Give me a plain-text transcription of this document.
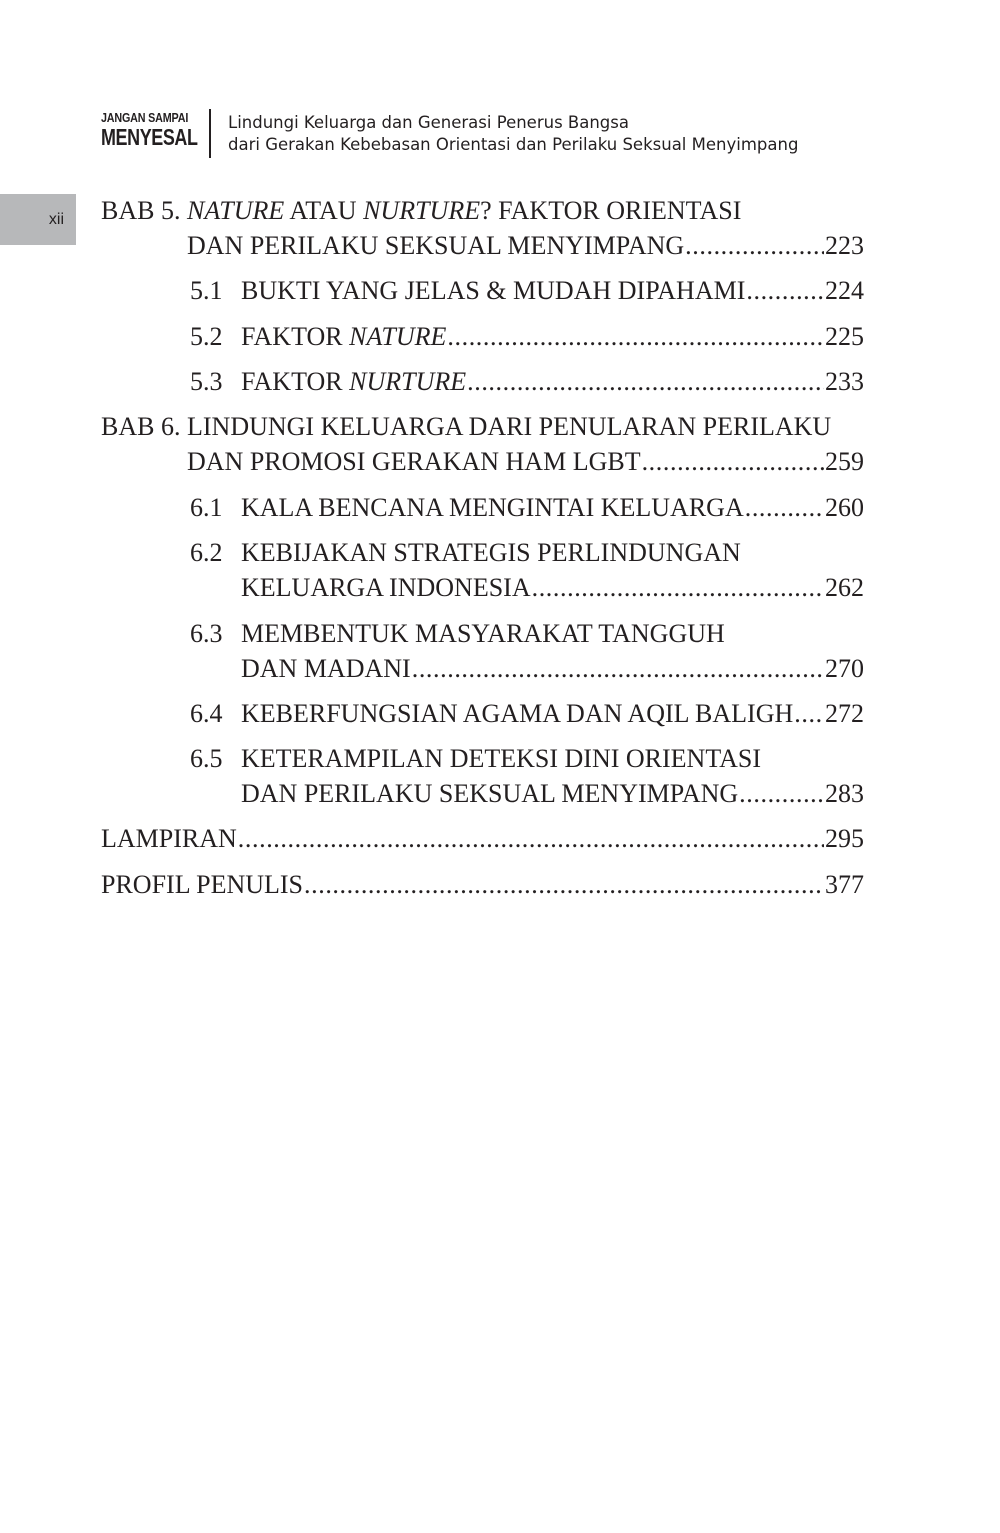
JANGAN SAMPAI
MENYESAL
Lindungi Keluarga dan Generasi Penerus Bangsa
dari Gerakan Kebebasan Orientasi dan Perilaku Seksual Menyimpang
xii BAB 5. NATURE ATAU NURTURE? FAKTOR ORIENTASI
DAN PERILAKU SEKSUAL MENYIMPANG .....	223
5.1 BUKTI YANG JELAS & MUDAH DIPAHAMI .....	224
5.2 FAKTOR NATURE .....	225
5.3 FAKTOR NURTURE .....	233
BAB 6. LINDUNGI KELUARGA DARI PENULARAN PERILAKU
DAN PROMOSI GERAKAN HAM LGBT .....	259
6.1 KALA BENCANA MENGINTAI KELUARGA .....	260
6.2 KEBIJAKAN STRATEGIS PERLINDUNGAN
KELUARGA INDONESIA .....	262
6.3 MEMBENTUK MASYARAKAT TANGGUH
DAN MADANI .....	270
6.4 KEBERFUNGSIAN AGAMA DAN AQIL BALIGH ..... 272
6.5 KETERAMPILAN DETEKSI DINI ORIENTASI
DAN PERILAKU SEKSUAL MENYIMPANG .....	283
LAMPIRAN .....	295
PROFIL PENULIS .....	377
